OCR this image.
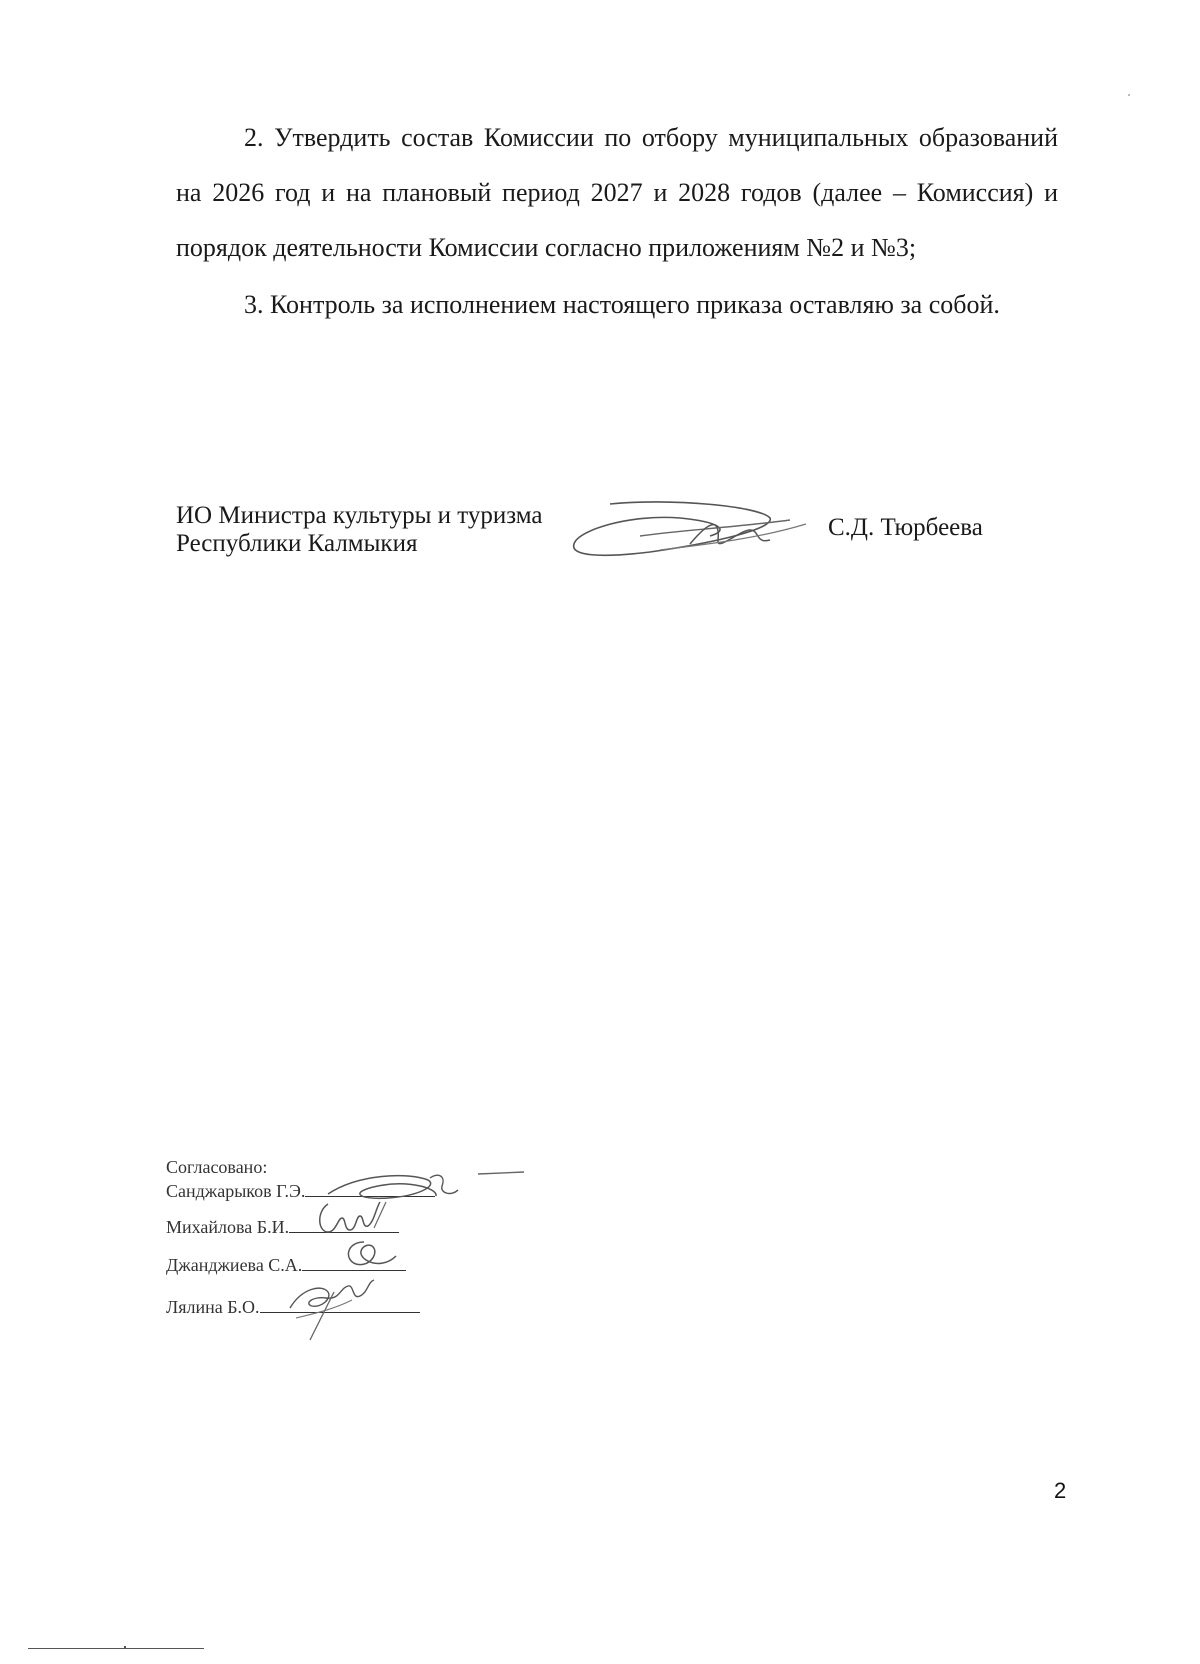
2. Утвердить состав Комиссии по отбору муниципальных образований на 2026 год и на плановый период 2027 и 2028 годов (далее – Комиссия) и порядок деятельности Комиссии согласно приложениям №2 и №3;
3. Контроль за исполнением настоящего приказа оставляю за собой.
ИО Министра культуры и туризма
Республики Калмыкия
С.Д. Тюрбеева
Согласовано:
Санджарыков Г.Э.
Михайлова Б.И.
Джанджиева С.А.
Лялина Б.О.
2
